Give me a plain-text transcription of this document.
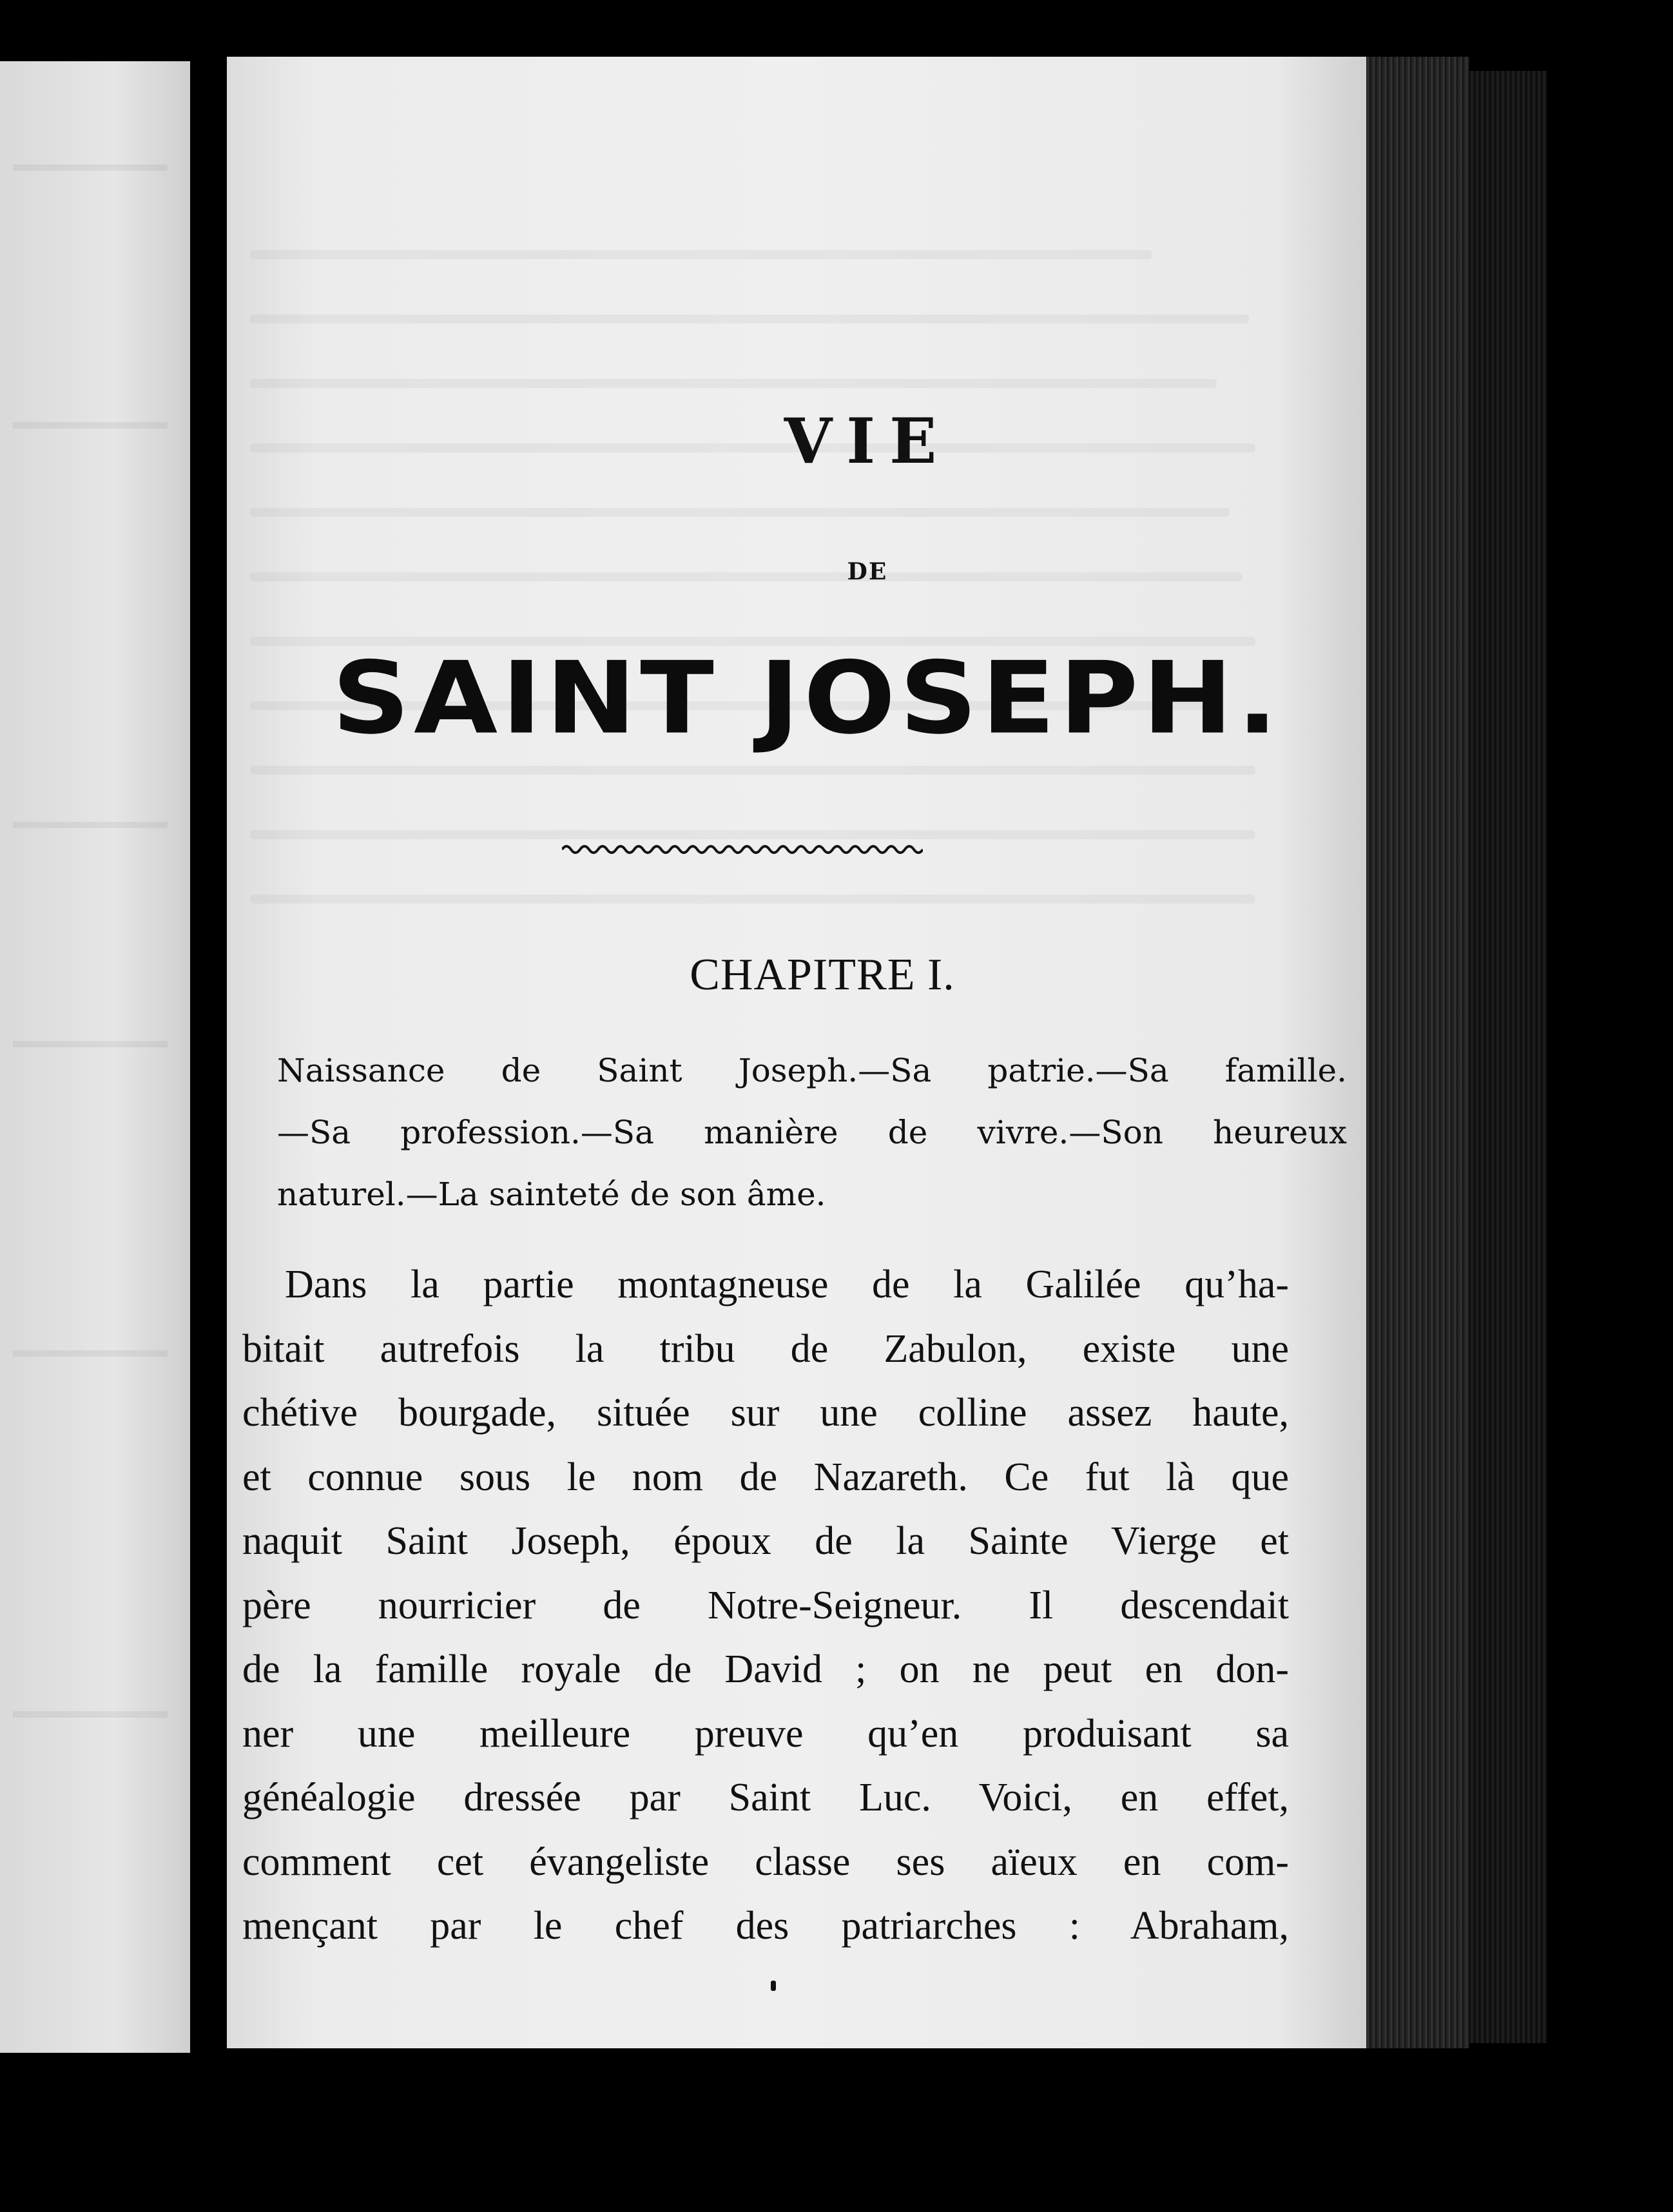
VIE
DE
SAINT JOSEPH.
CHAPITRE I.
Naissance de Saint Joseph.—Sa patrie.—Sa famille.
—Sa profession.—Sa manière de vivre.—Son heureux
naturel.—La sainteté de son âme.
Dans la partie montagneuse de la Galilée qu’ha-
bitait autrefois la tribu de Zabulon, existe une
chétive bourgade, située sur une colline assez haute,
et connue sous le nom de Nazareth. Ce fut là que
naquit Saint Joseph, époux de la Sainte Vierge et
père nourricier de Notre-Seigneur. Il descendait
de la famille royale de David ; on ne peut en don-
ner une meilleure preuve qu’en produisant sa
généalogie dressée par Saint Luc. Voici, en effet,
comment cet évangeliste classe ses aïeux en com-
mençant par le chef des patriarches : Abraham,
